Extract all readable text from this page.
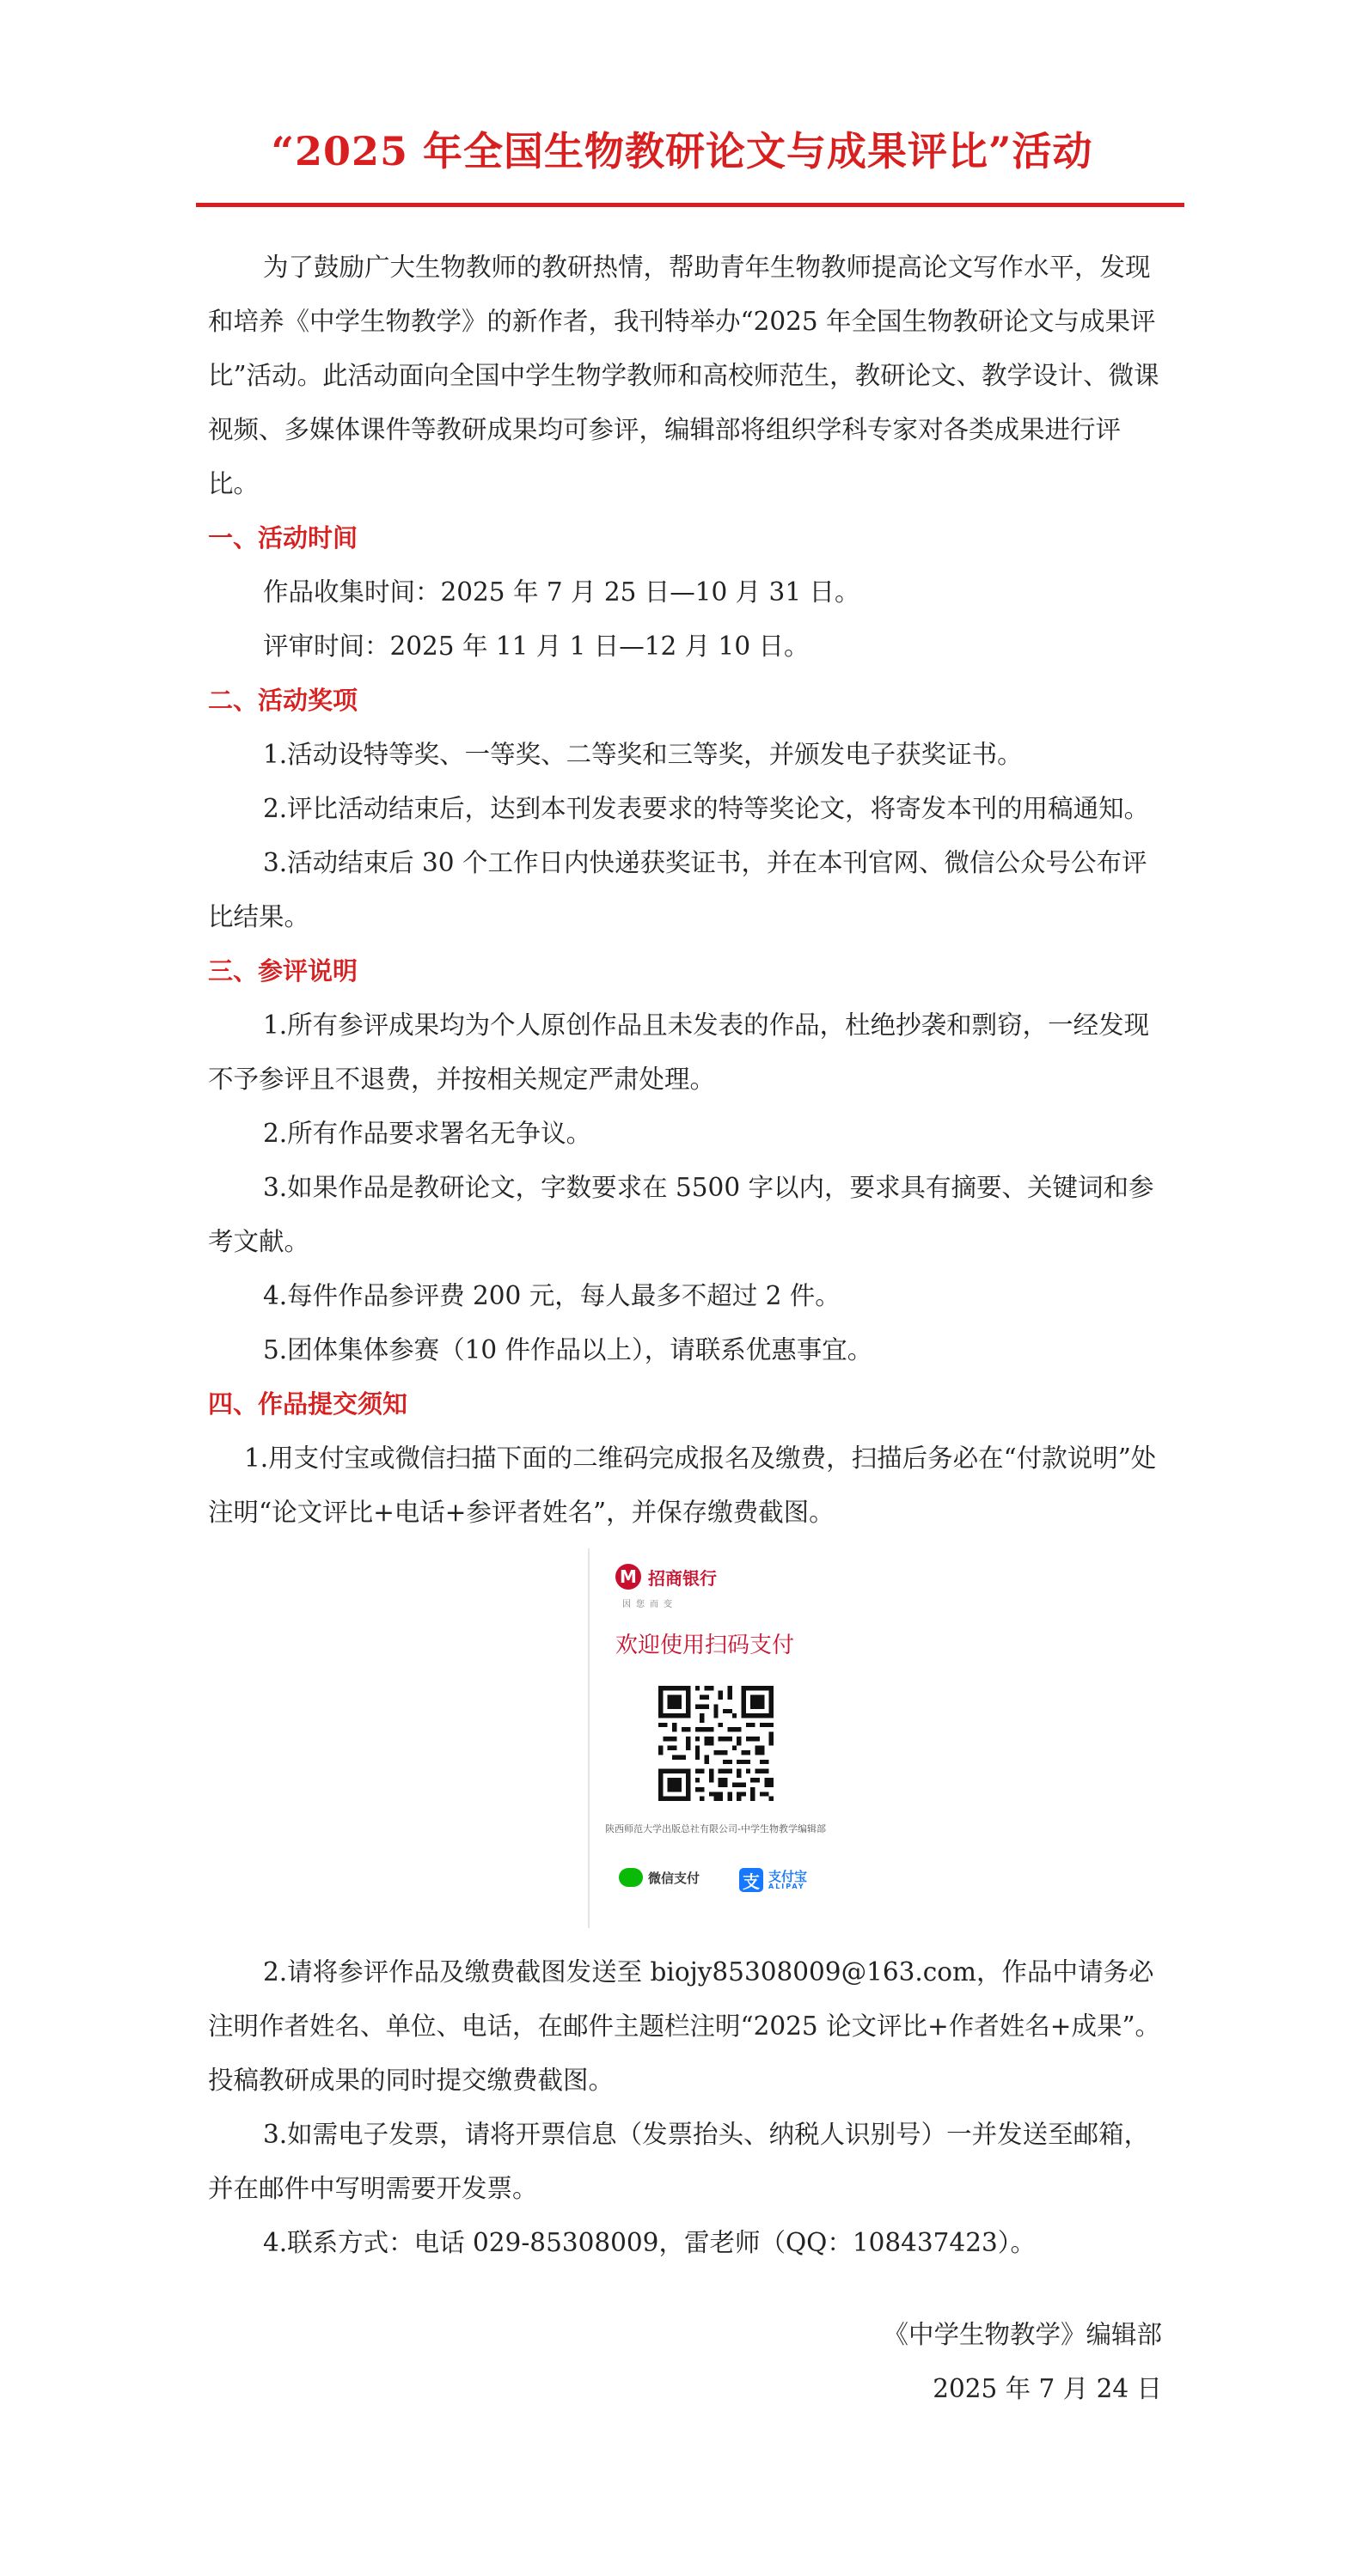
“2025 年全国生物教研论文与成果评比”活动

为了鼓励广大生物教师的教研热情，帮助青年生物教师提高论文写作水平，发现和培养《中学生物教学》的新作者，我刊特举办“2025 年全国生物教研论文与成果评比”活动。此活动面向全国中学生物学教师和高校师范生，教研论文、教学设计、微课视频、多媒体课件等教研成果均可参评，编辑部将组织学科专家对各类成果进行评比。

一、活动时间

作品收集时间：2025 年 7 月 25 日—10 月 31 日。

评审时间：2025 年 11 月 1 日—12 月 10 日。

二、活动奖项

1.活动设特等奖、一等奖、二等奖和三等奖，并颁发电子获奖证书。

2.评比活动结束后，达到本刊发表要求的特等奖论文，将寄发本刊的用稿通知。

3.活动结束后 30 个工作日内快递获奖证书，并在本刊官网、微信公众号公布评比结果。

三、参评说明

1.所有参评成果均为个人原创作品且未发表的作品，杜绝抄袭和剽窃，一经发现不予参评且不退费，并按相关规定严肃处理。

2.所有作品要求署名无争议。

3.如果作品是教研论文，字数要求在 5500 字以内，要求具有摘要、关键词和参考文献。

4.每件作品参评费 200 元，每人最多不超过 2 件。

5.团体集体参赛（10 件作品以上），请联系优惠事宜。

四、作品提交须知

1.用支付宝或微信扫描下面的二维码完成报名及缴费，扫描后务必在“付款说明”处注明“论文评比+电话+参评者姓名”，并保存缴费截图。

M 招商银行
因您而变
欢迎使用扫码支付
陕西师范大学出版总社有限公司-中学生物教学编辑部
微信支付 支 支付宝
ALIPAY

2.请将参评作品及缴费截图发送至 biojy85308009@163.com，作品中请务必注明作者姓名、单位、电话，在邮件主题栏注明“2025 论文评比+作者姓名+成果”。投稿教研成果的同时提交缴费截图。

3.如需电子发票，请将开票信息（发票抬头、纳税人识别号）一并发送至邮箱，并在邮件中写明需要开发票。

4.联系方式：电话 029-85308009，雷老师（QQ：108437423）。

《中学生物教学》编辑部

2025 年 7 月 24 日
